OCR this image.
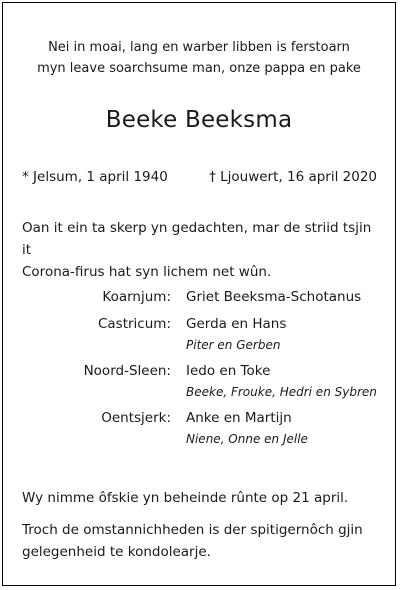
Nei in moai, lang en warber libben is ferstoarn
myn leave soarchsume man, onze pappa en pake
Beeke Beeksma
* Jelsum, 1 april 1940	† Ljouwert, 16 april 2020
Oan it ein ta skerp yn gedachten, mar de striid tsjin it
Corona-firus hat syn lichem net wûn.
Koarnjum: Griet Beeksma-Schotanus
Castricum: Gerda en Hans
Piter en Gerben
Noord-Sleen: Iedo en Toke
Beeke, Frouke, Hedri en Sybren
Oentsjerk: Anke en Martijn
Niene, Onne en Jelle
Wy nimme ôfskie yn beheinde rûnte op 21 april.
Troch de omstannichheden is der spitigernôch gjin
gelegenheid te kondolearje.
